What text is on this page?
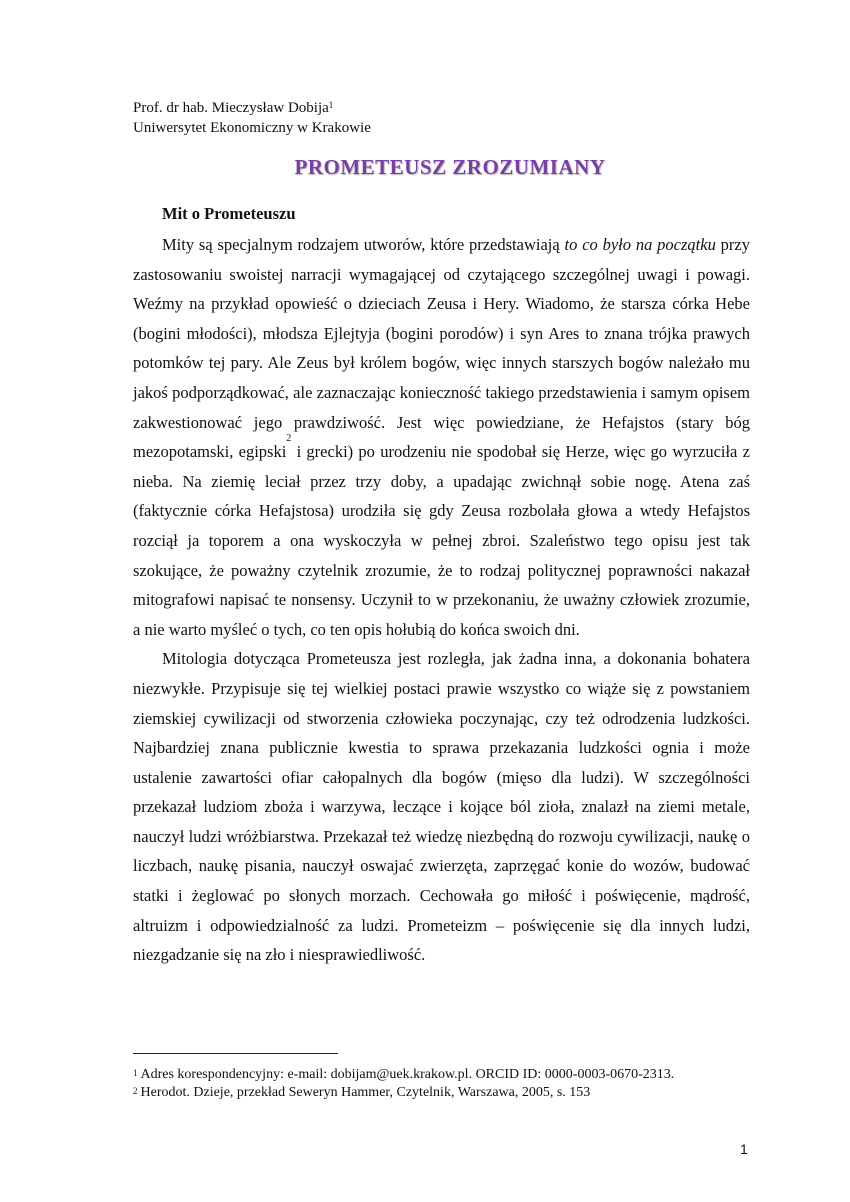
Prof. dr hab. Mieczysław Dobija$^1$
Uniwersytet Ekonomiczny w Krakowie
PROMETEUSZ ZROZUMIANY
Mit o Prometeuszu

Mity są specjalnym rodzajem utworów, które przedstawiają to co było na początku przy zastosowaniu swoistej narracji wymagającej od czytającego szczególnej uwagi i powagi. Weźmy na przykład opowieść o dzieciach Zeusa i Hery. Wiadomo, że starsza córka Hebe (bogini młodości), młodsza Ejlejtyja (bogini porodów) i syn Ares to znana trójka prawych potomków tej pary. Ale Zeus był królem bogów, więc innych starszych bogów należało mu jakoś podporządkować, ale zaznaczając konieczność takiego przedstawienia i samym opisem zakwestionować jego prawdziwość. Jest więc powiedziane, że Hefajstos (stary bóg mezopotamski, egipski$^2$ i grecki) po urodzeniu nie spodobał się Herze, więc go wyrzuciła z nieba. Na ziemię leciał przez trzy doby, a upadając zwichnął sobie nogę. Atena zaś (faktycznie córka Hefajstosa) urodziła się gdy Zeusa rozbolała głowa a wtedy Hefajstos rozciął ja toporem a ona wyskoczyła w pełnej zbroi. Szaleństwo tego opisu jest tak szokujące, że poważny czytelnik zrozumie, że to rodzaj politycznej poprawności nakazał mitografowi napisać te nonsensy. Uczynił to w przekonaniu, że uważny człowiek zrozumie, a nie warto myśleć o tych, co ten opis hołubią do końca swoich dni.

Mitologia dotycząca Prometeusza jest rozległa, jak żadna inna, a dokonania bohatera niezwykłe. Przypisuje się tej wielkiej postaci prawie wszystko co wiąże się z powstaniem ziemskiej cywilizacji od stworzenia człowieka poczynając, czy też odrodzenia ludzkości. Najbardziej znana publicznie kwestia to sprawa przekazania ludzkości ognia i może ustalenie zawartości ofiar całopalnych dla bogów (mięso dla ludzi). W szczególności przekazał ludziom zboża i warzywa, leczące i kojące ból zioła, znalazł na ziemi metale, nauczył ludzi wróżbiarstwa. Przekazał też wiedzę niezbędną do rozwoju cywilizacji, naukę o liczbach, naukę pisania, nauczył oswajać zwierzęta, zaprzęgać konie do wozów, budować statki i żeglować po słonych morzach. Cechowała go miłość i poświęcenie, mądrość, altruizm i odpowiedzialność za ludzi. Prometeizm – poświęcenie się dla innych ludzi, niezgadzanie się na zło i niesprawiedliwość.

$^1$ Adres korespondencyjny: e-mail: dobijam@uek.krakow.pl. ORCID ID: 0000-0003-0670-2313.
$^2$ Herodot. Dzieje, przekład Seweryn Hammer, Czytelnik, Warszawa, 2005, s. 153
1
